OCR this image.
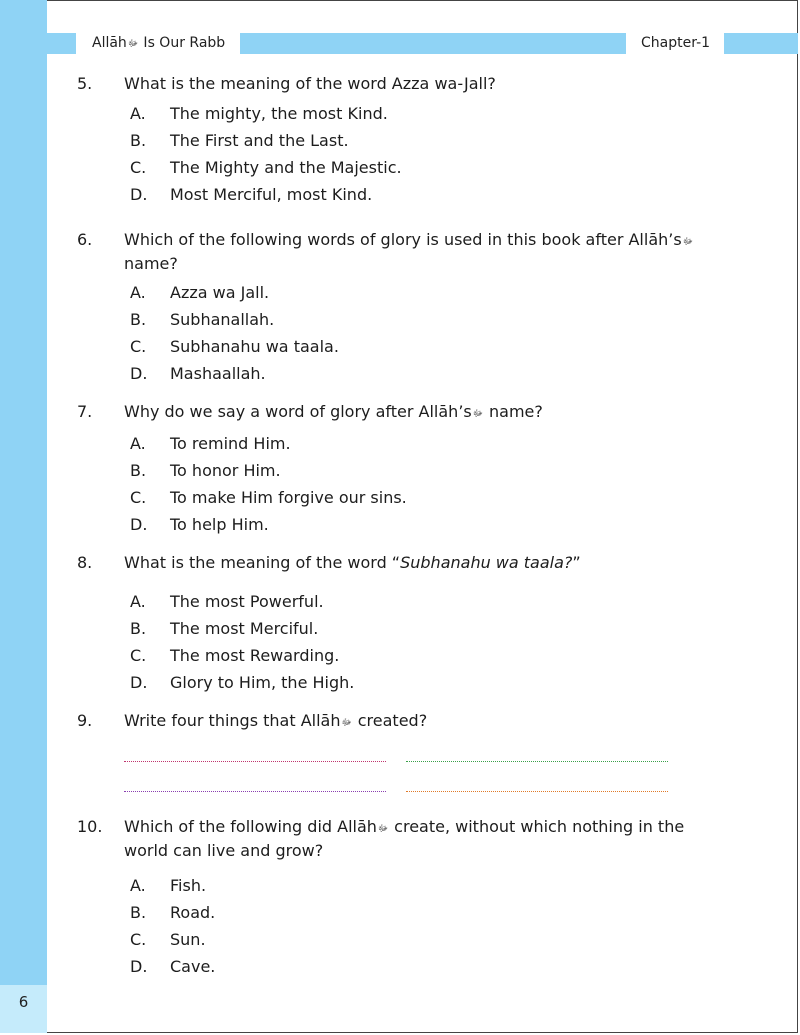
6
Allāhﷻ Is Our Rabb	Chapter-1
5. What is the meaning of the word Azza wa-Jall?
A. The mighty, the most Kind.
B. The First and the Last.
C. The Mighty and the Majestic.
D. Most Merciful, most Kind.
6. Which of the following words of glory is used in this book after Allāh’sﷻ name?
A. Azza wa Jall.
B. Subhanallah.
C. Subhanahu wa taala.
D. Mashaallah.
7. Why do we say a word of glory after Allāh’sﷻ name?
A. To remind Him.
B. To honor Him.
C. To make Him forgive our sins.
D. To help Him.
8. What is the meaning of the word “Subhanahu wa taala?”
A. The most Powerful.
B. The most Merciful.
C. The most Rewarding.
D. Glory to Him, the High.
9. Write four things that Allāhﷻ created?
10. Which of the following did Allāhﷻ create, without which nothing in the world can live and grow?
A. Fish.
B. Road.
C. Sun.
D. Cave.
